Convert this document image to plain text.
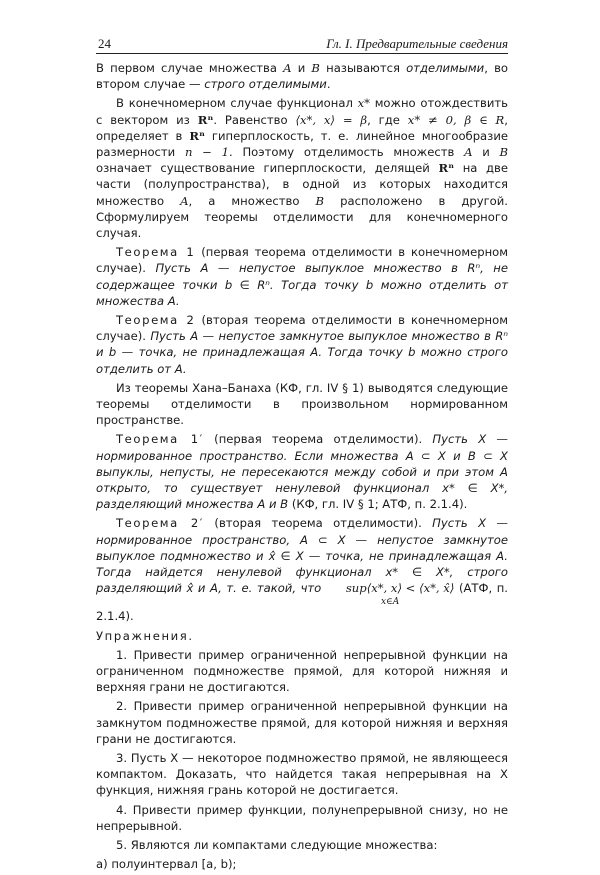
24	Гл. I. Предварительные сведения

В первом случае множества A и B называются отделимыми, во втором случае — строго отделимыми.

В конечномерном случае функционал x* можно отождествить с вектором из Rⁿ. Равенство ⟨x*, x⟩ = β, где x* ≠ 0, β ∈ R, определяет в Rⁿ гиперплоскость, т. е. линейное многообразие размерности n − 1. Поэтому отделимость множеств A и B означает существование гиперплоскости, делящей Rⁿ на две части (полупространства), в одной из которых находится множество A, а множество B расположено в другой. Сформулируем теоремы отделимости для конечномерного случая.

Теорема 1 (первая теорема отделимости в конечномерном случае). Пусть A — непустое выпуклое множество в Rⁿ, не содержащее точки b ∈ Rⁿ. Тогда точку b можно отделить от множества A.

Теорема 2 (вторая теорема отделимости в конечномерном случае). Пусть A — непустое замкнутое выпуклое множество в Rⁿ и b — точка, не принадлежащая A. Тогда точку b можно строго отделить от A.

Из теоремы Хана–Банаха (КФ, гл. IV § 1) выводятся следующие теоремы отделимости в произвольном нормированном пространстве.

Теорема 1′ (первая теорема отделимости). Пусть X — нормированное пространство. Если множества A ⊂ X и B ⊂ X выпуклы, непусты, не пересекаются между собой и при этом A открыто, то существует ненулевой функционал x* ∈ X*, разделяющий множества A и B (КФ, гл. IV § 1; АТФ, п. 2.1.4).

Теорема 2′ (вторая теорема отделимости). Пусть X — нормированное пространство, A ⊂ X — непустое замкнутое выпуклое подмножество и x̂ ∈ X — точка, не принадлежащая A. Тогда найдется ненулевой функционал x* ∈ X*, строго разделяющий x̂ и A, т. е. такой, что sup⟨x*, x⟩ < ⟨x*, x̂⟩
x∈A (АТФ, п. 2.1.4).

Упражнения.

1. Привести пример ограниченной непрерывной функции на ограниченном подмножестве прямой, для которой нижняя и верхняя грани не достигаются.

2. Привести пример ограниченной непрерывной функции на замкнутом подмножестве прямой, для которой нижняя и верхняя грани не достигаются.

3. Пусть X — некоторое подмножество прямой, не являющееся компактом. Доказать, что найдется такая непрерывная на X функция, нижняя грань которой не достигается.

4. Привести пример функции, полунепрерывной снизу, но не непрерывной.

5. Являются ли компактами следующие множества:

а) полуинтервал [a, b);
